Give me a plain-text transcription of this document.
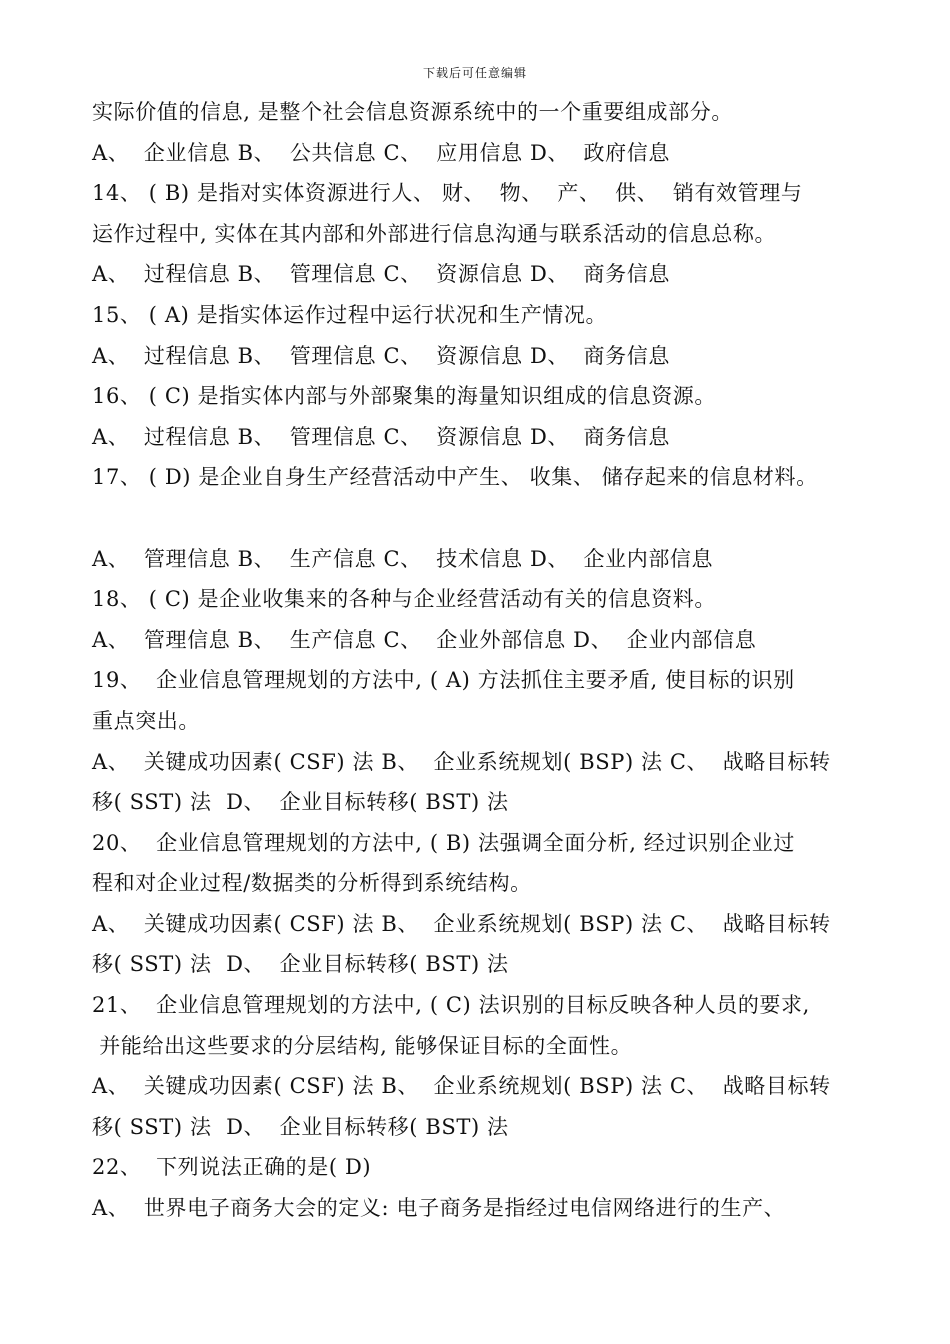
下载后可任意编辑
实际价值的信息, 是整个社会信息资源系统中的一个重要组成部分。
A、  企业信息 B、  公共信息 C、  应用信息 D、  政府信息
14、 ( B) 是指对实体资源进行人、 财、  物、  产、  供、  销有效管理与
运作过程中, 实体在其内部和外部进行信息沟通与联系活动的信息总称。
A、  过程信息 B、  管理信息 C、  资源信息 D、  商务信息
15、 ( A) 是指实体运作过程中运行状况和生产情况。
A、  过程信息 B、  管理信息 C、  资源信息 D、  商务信息
16、 ( C) 是指实体内部与外部聚集的海量知识组成的信息资源。
A、  过程信息 B、  管理信息 C、  资源信息 D、  商务信息
17、 ( D) 是企业自身生产经营活动中产生、 收集、 储存起来的信息材料。
A、  管理信息 B、  生产信息 C、  技术信息 D、  企业内部信息
18、 ( C) 是企业收集来的各种与企业经营活动有关的信息资料。
A、  管理信息 B、  生产信息 C、  企业外部信息 D、  企业内部信息
19、  企业信息管理规划的方法中, ( A) 方法抓住主要矛盾, 使目标的识别
重点突出。
A、  关键成功因素( CSF) 法 B、  企业系统规划( BSP) 法 C、  战略目标转
移( SST) 法  D、  企业目标转移( BST) 法
20、  企业信息管理规划的方法中, ( B) 法强调全面分析, 经过识别企业过
程和对企业过程/数据类的分析得到系统结构。
A、  关键成功因素( CSF) 法 B、  企业系统规划( BSP) 法 C、  战略目标转
移( SST) 法  D、  企业目标转移( BST) 法
21、  企业信息管理规划的方法中, ( C) 法识别的目标反映各种人员的要求,
并能给出这些要求的分层结构, 能够保证目标的全面性。
A、  关键成功因素( CSF) 法 B、  企业系统规划( BSP) 法 C、  战略目标转
移( SST) 法  D、  企业目标转移( BST) 法
22、  下列说法正确的是( D)
A、  世界电子商务大会的定义: 电子商务是指经过电信网络进行的生产、
